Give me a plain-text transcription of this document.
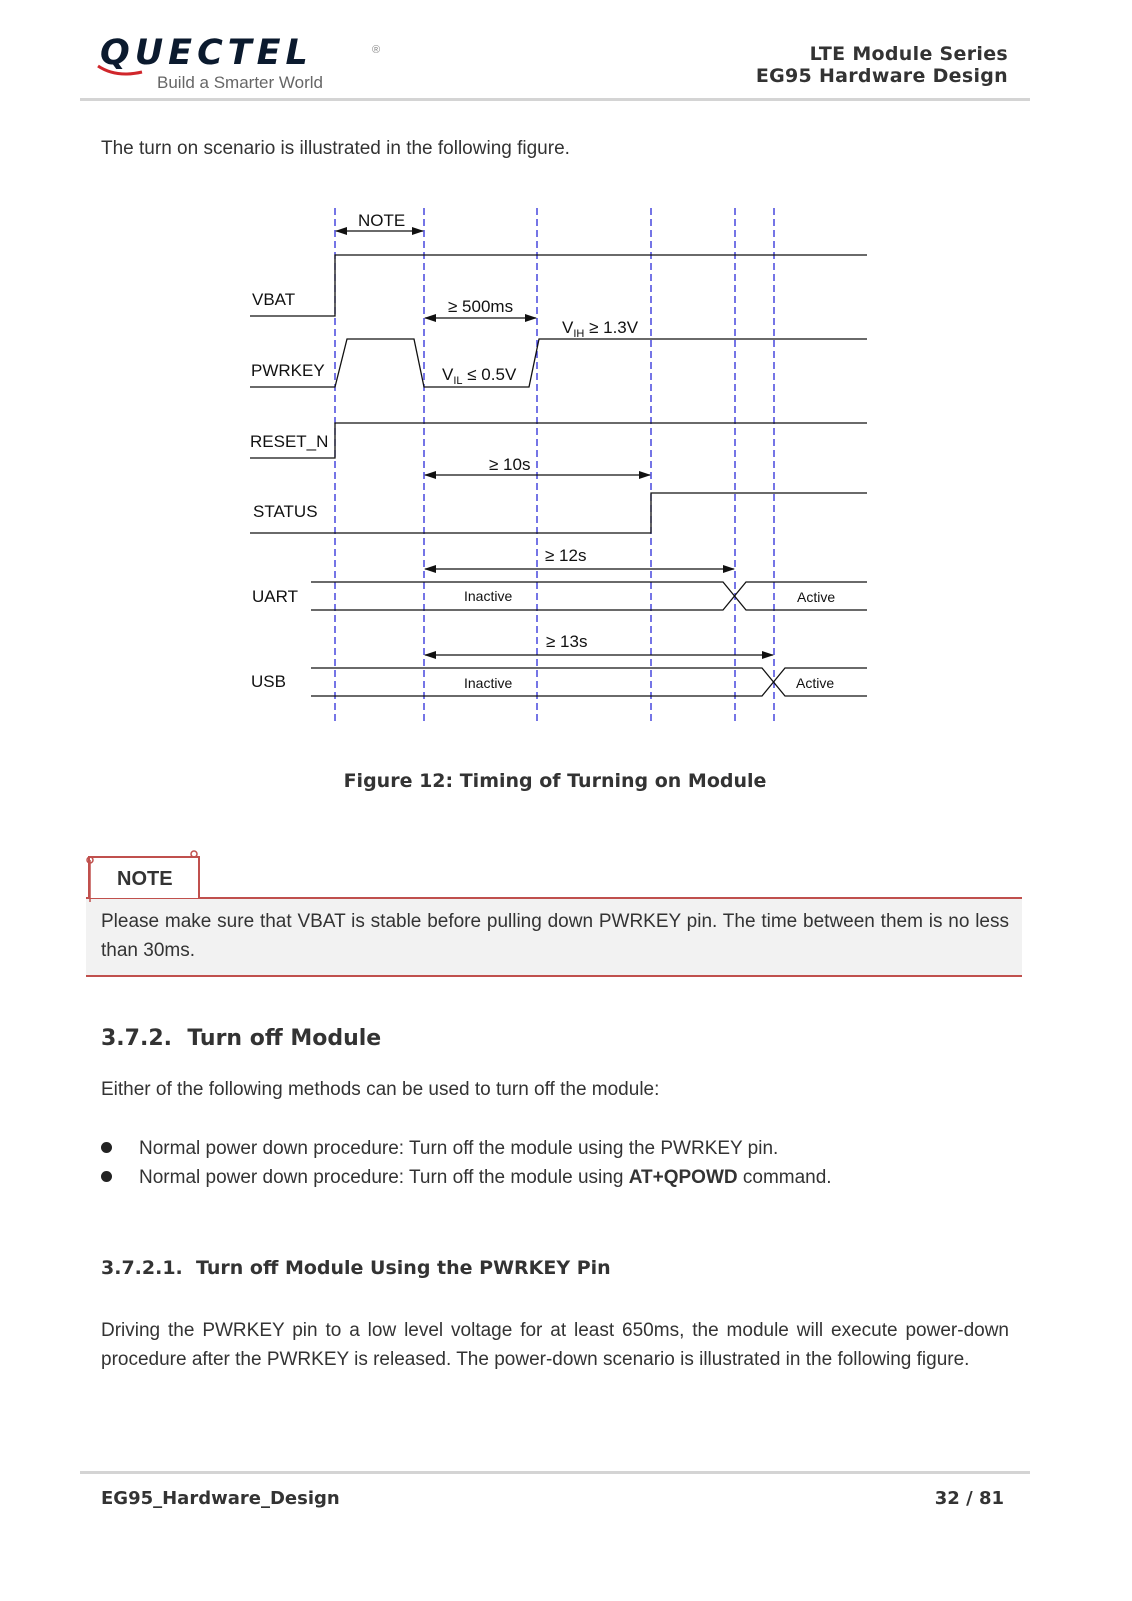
QUECTEL	®
Build a Smarter World
LTE Module Series
EG95 Hardware Design
The turn on scenario is illustrated in the following figure.
VBAT
PWRKEY
RESET_N
STATUS
UART
USB
NOTE
≥ 500ms
$V_{IH} \ge 1.3V$
$V_{IL} \le 0.5V$
≥ 10s
≥ 12s
≥ 13s
Inactive	Active
Inactive	Active
Figure 12: Timing of Turning on Module
NOTE
Please make sure that VBAT is stable before pulling down PWRKEY pin. The time between them is no less than 30ms.
3.7.2.  Turn off Module
Either of the following methods can be used to turn off the module:
Normal power down procedure: Turn off the module using the PWRKEY pin.
Normal power down procedure: Turn off the module using AT+QPOWD command.
3.7.2.1.  Turn off Module Using the PWRKEY Pin
Driving the PWRKEY pin to a low level voltage for at least 650ms, the module will execute power-down procedure after the PWRKEY is released. The power-down scenario is illustrated in the following figure.
EG95_Hardware_Design	32 / 81
